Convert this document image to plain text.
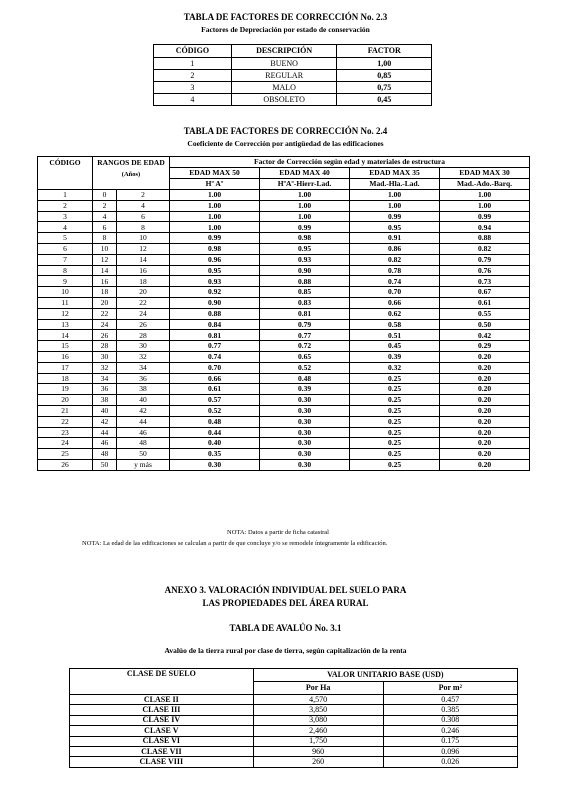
TABLA DE FACTORES DE CORRECCIÓN No. 2.3
Factores de Depreciación por estado de conservación
CÓDIGO	DESCRIPCIÓN	FACTOR
1	BUENO	1,00
2	REGULAR	0,85
3	MALO	0,75
4	OBSOLETO	0,45
TABLA DE FACTORES DE CORRECCIÓN No. 2.4
Coeficiente de Corrección por antigüedad de las edificaciones
CÓDIGO	RANGOS DE EDAD
(Años)		Factor de Corrección según edad y materiales de estructura			
			EDAD MAX 50	EDAD MAX 40	EDAD MAX 35	EDAD MAX 30
			Hº Aº	HºAº-Hierr-Lad.	Mad.-Hla.-Lad.	Mad.-Ado.-Barq.
1	0	2	1.00	1.00	1.00	1.00
2	2	4	1.00	1.00	1.00	1.00
3	4	6	1.00	1.00	0.99	0.99
4	6	8	1.00	0.99	0.95	0.94
5	8	10	0.99	0.98	0.91	0.88
6	10	12	0.98	0.95	0.86	0.82
7	12	14	0.96	0.93	0.82	0.79
8	14	16	0.95	0.90	0.78	0.76
9	16	18	0.93	0.88	0.74	0.73
10	18	20	0.92	0.85	0.70	0.67
11	20	22	0.90	0.83	0.66	0.61
12	22	24	0.88	0.81	0.62	0.55
13	24	26	0.84	0.79	0.58	0.50
14	26	28	0.81	0.77	0.51	0.42
15	28	30	0.77	0.72	0.45	0.29
16	30	32	0.74	0.65	0.39	0.20
17	32	34	0.70	0.52	0.32	0.20
18	34	36	0.66	0.48	0.25	0.20
19	36	38	0.61	0.39	0.25	0.20
20	38	40	0.57	0.30	0.25	0.20
21	40	42	0.52	0.30	0.25	0.20
22	42	44	0.48	0.30	0.25	0.20
23	44	46	0.44	0.30	0.25	0.20
24	46	48	0.40	0.30	0.25	0.20
25	48	50	0.35	0.30	0.25	0.20
26	50	y más	0.30	0.30	0.25	0.20
NOTA: Datos a partir de ficha catastral
NOTA: La edad de las edificaciones se calculan a partir de que concluye y/o se remodele íntegramente la edificación.
ANEXO 3. VALORACIÓN INDIVIDUAL DEL SUELO PARA
LAS PROPIEDADES DEL ÁREA RURAL
TABLA DE AVALÚO No. 3.1
Avalúo de la tierra rural por clase de tierra, según capitalización de la renta
CLASE DE SUELO	VALOR UNITARIO BASE (USD)	
	Por Ha	Por m²
CLASE II	4,570	0.457
CLASE III	3,850	0.385
CLASE IV	3,080	0.308
CLASE V	2,460	0.246
CLASE VI	1,750	0.175
CLASE VII	960	0.096
CLASE VIII	260	0.026
